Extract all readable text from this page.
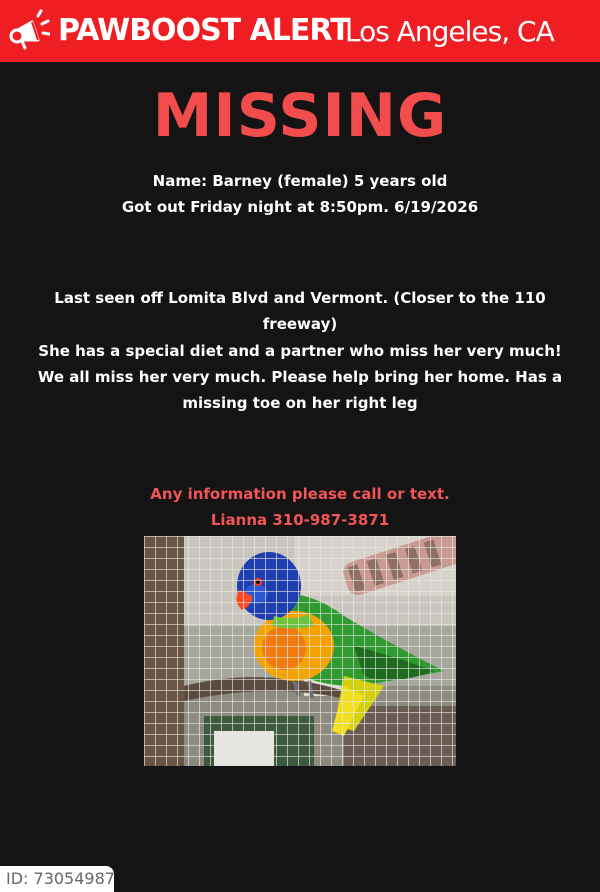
PAWBOOST ALERT
Los Angeles, CA
MISSING
Name: Barney (female) 5 years old
Got out Friday night at 8:50pm. 6/19/2026
Last seen off Lomita Blvd and Vermont. (Closer to the 110
freeway)
She has a special diet and a partner who miss her very much!
We all miss her very much. Please help bring her home. Has a
missing toe on her right leg
Any information please call or text.
Lianna 310-987-3871
ID: 73054987
